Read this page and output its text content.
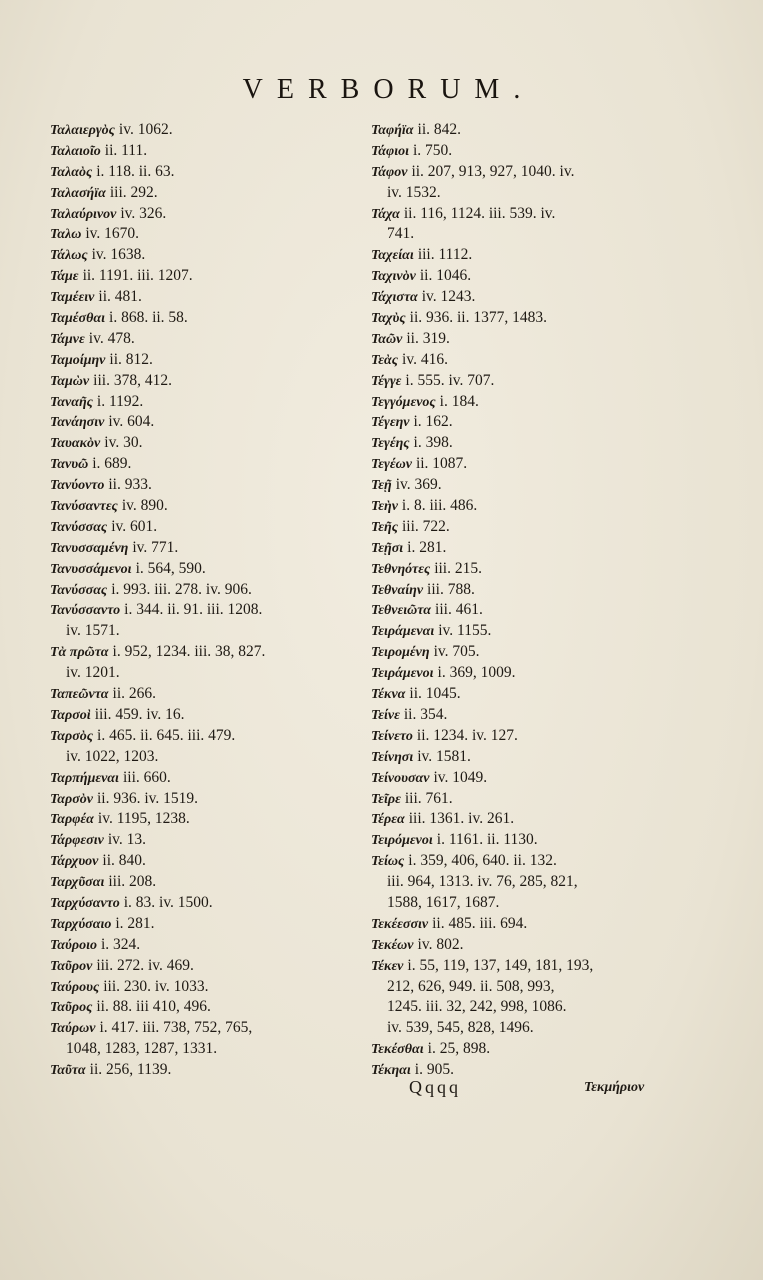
VERBORUM.
Ταλαιεργὸς iv. 1062.
Ταλαιοῖο ii. 111.
Ταλαὸς i. 118. ii. 63.
Ταλασήϊα iii. 292.
Ταλαύρινον iv. 326.
Ταλω iv. 1670.
Τάλως iv. 1638.
Τάμε ii. 1191. iii. 1207.
Ταμέειν ii. 481.
Ταμέσθαι i. 868. ii. 58.
Τάμνε iv. 478.
Ταμοίμην ii. 812.
Ταμὼν iii. 378, 412.
Ταναῆς i. 1192.
Τανάησιν iv. 604.
Ταυακὸν iv. 30.
Τανυῶ i. 689.
Τανύοντο ii. 933.
Τανύσαντες iv. 890.
Τανύσσας iv. 601.
Τανυσσαμένη iv. 771.
Τανυσσάμενοι i. 564, 590.
Τανύσσας i. 993. iii. 278. iv. 906.
Τανύσσαντο i. 344. ii. 91. iii. 1208.
iv. 1571.
Τὰ πρῶτα i. 952, 1234. iii. 38, 827.
iv. 1201.
Ταπεῶντα ii. 266.
Ταρσοὶ iii. 459. iv. 16.
Ταρσὸς i. 465. ii. 645. iii. 479.
iv. 1022, 1203.
Ταρπήμεναι iii. 660.
Ταρσὸν ii. 936. iv. 1519.
Ταρφέα iv. 1195, 1238.
Τάρφεσιν iv. 13.
Τάρχυον ii. 840.
Ταρχῦσαι iii. 208.
Ταρχύσαντο i. 83. iv. 1500.
Ταρχύσαιο i. 281.
Ταύροιο i. 324.
Ταῦρον iii. 272. iv. 469.
Ταύρους iii. 230. iv. 1033.
Ταῦρος ii. 88. iii 410, 496.
Ταύρων i. 417. iii. 738, 752, 765,
1048, 1283, 1287, 1331.
Ταῦτα ii. 256, 1139.
Ταφήϊα ii. 842.
Τάφιοι i. 750.
Τάφον ii. 207, 913, 927, 1040. iv.
iv. 1532.
Τάχα ii. 116, 1124. iii. 539. iv.
741.
Ταχείαι iii. 1112.
Ταχινὸν ii. 1046.
Τάχιστα iv. 1243.
Ταχὺς ii. 936. ii. 1377, 1483.
Ταῶν ii. 319.
Τεὰς iv. 416.
Τέγγε i. 555. iv. 707.
Τεγγόμενος i. 184.
Τέγεην i. 162.
Τεγέης i. 398.
Τεγέων ii. 1087.
Τεῇ iv. 369.
Τεὴν i. 8. iii. 486.
Τεῆς iii. 722.
Τεῇσι i. 281.
Τεθνηότες iii. 215.
Τεθναίην iii. 788.
Τεθνειῶτα iii. 461.
Τειράμεναι iv. 1155.
Τειρομένη iv. 705.
Τειράμενοι i. 369, 1009.
Τέκνα ii. 1045.
Τείνε ii. 354.
Τείνετο ii. 1234. iv. 127.
Τείνησι iv. 1581.
Τείνουσαν iv. 1049.
Τεῖρε iii. 761.
Τέρεα iii. 1361. iv. 261.
Τειρόμενοι i. 1161. ii. 1130.
Τείως i. 359, 406, 640. ii. 132.
iii. 964, 1313. iv. 76, 285, 821,
1588, 1617, 1687.
Τεκέεσσιν ii. 485. iii. 694.
Τεκέων iv. 802.
Τέκεν i. 55, 119, 137, 149, 181, 193,
212, 626, 949. ii. 508, 993,
1245. iii. 32, 242, 998, 1086.
iv. 539, 545, 828, 1496.
Τεκέσθαι i. 25, 898.
Τέκηαι i. 905.
Qqqq	Τεκμήριον
